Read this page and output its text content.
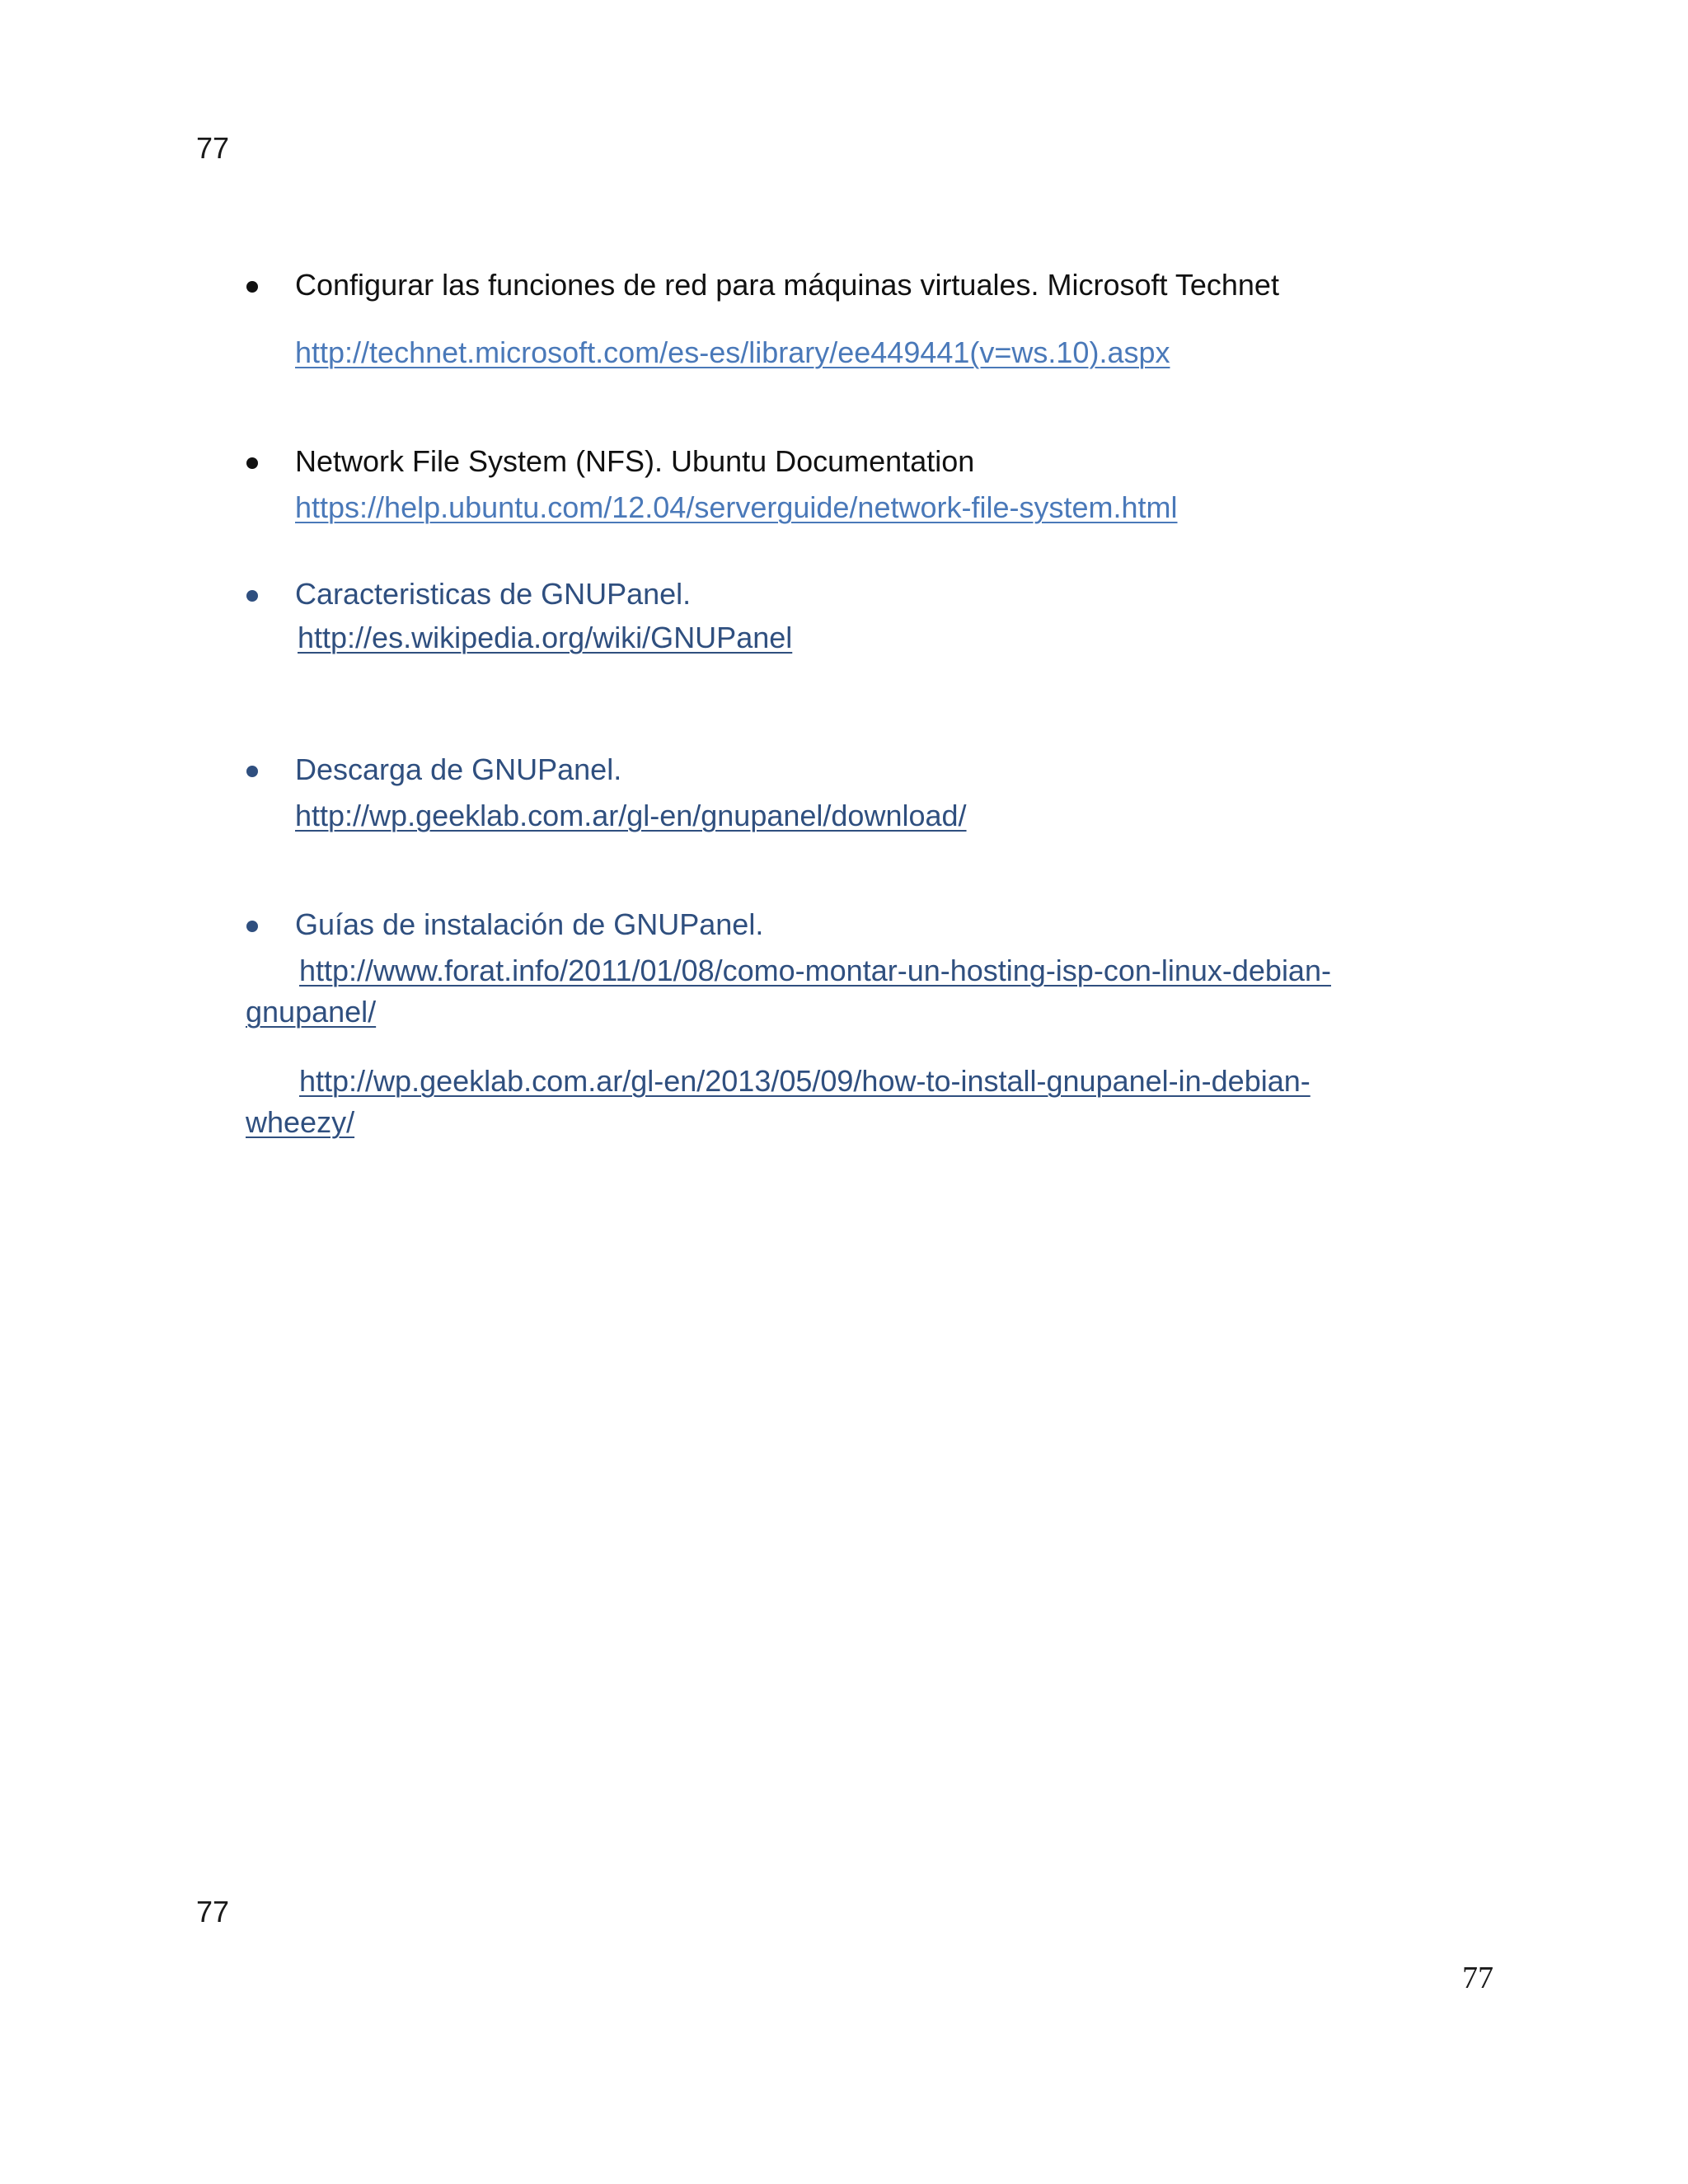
77
Configurar las funciones de red para máquinas virtuales. Microsoft Technet
http://technet.microsoft.com/es-es/library/ee449441(v=ws.10).aspx
Network File System (NFS). Ubuntu Documentation
https://help.ubuntu.com/12.04/serverguide/network-file-system.html
Caracteristicas de GNUPanel.
http://es.wikipedia.org/wiki/GNUPanel
Descarga de GNUPanel.
http://wp.geeklab.com.ar/gl-en/gnupanel/download/
Guías de instalación de GNUPanel.
http://www.forat.info/2011/01/08/como-montar-un-hosting-isp-con-linux-debian-
gnupanel/
http://wp.geeklab.com.ar/gl-en/2013/05/09/how-to-install-gnupanel-in-debian-
wheezy/
77
77
